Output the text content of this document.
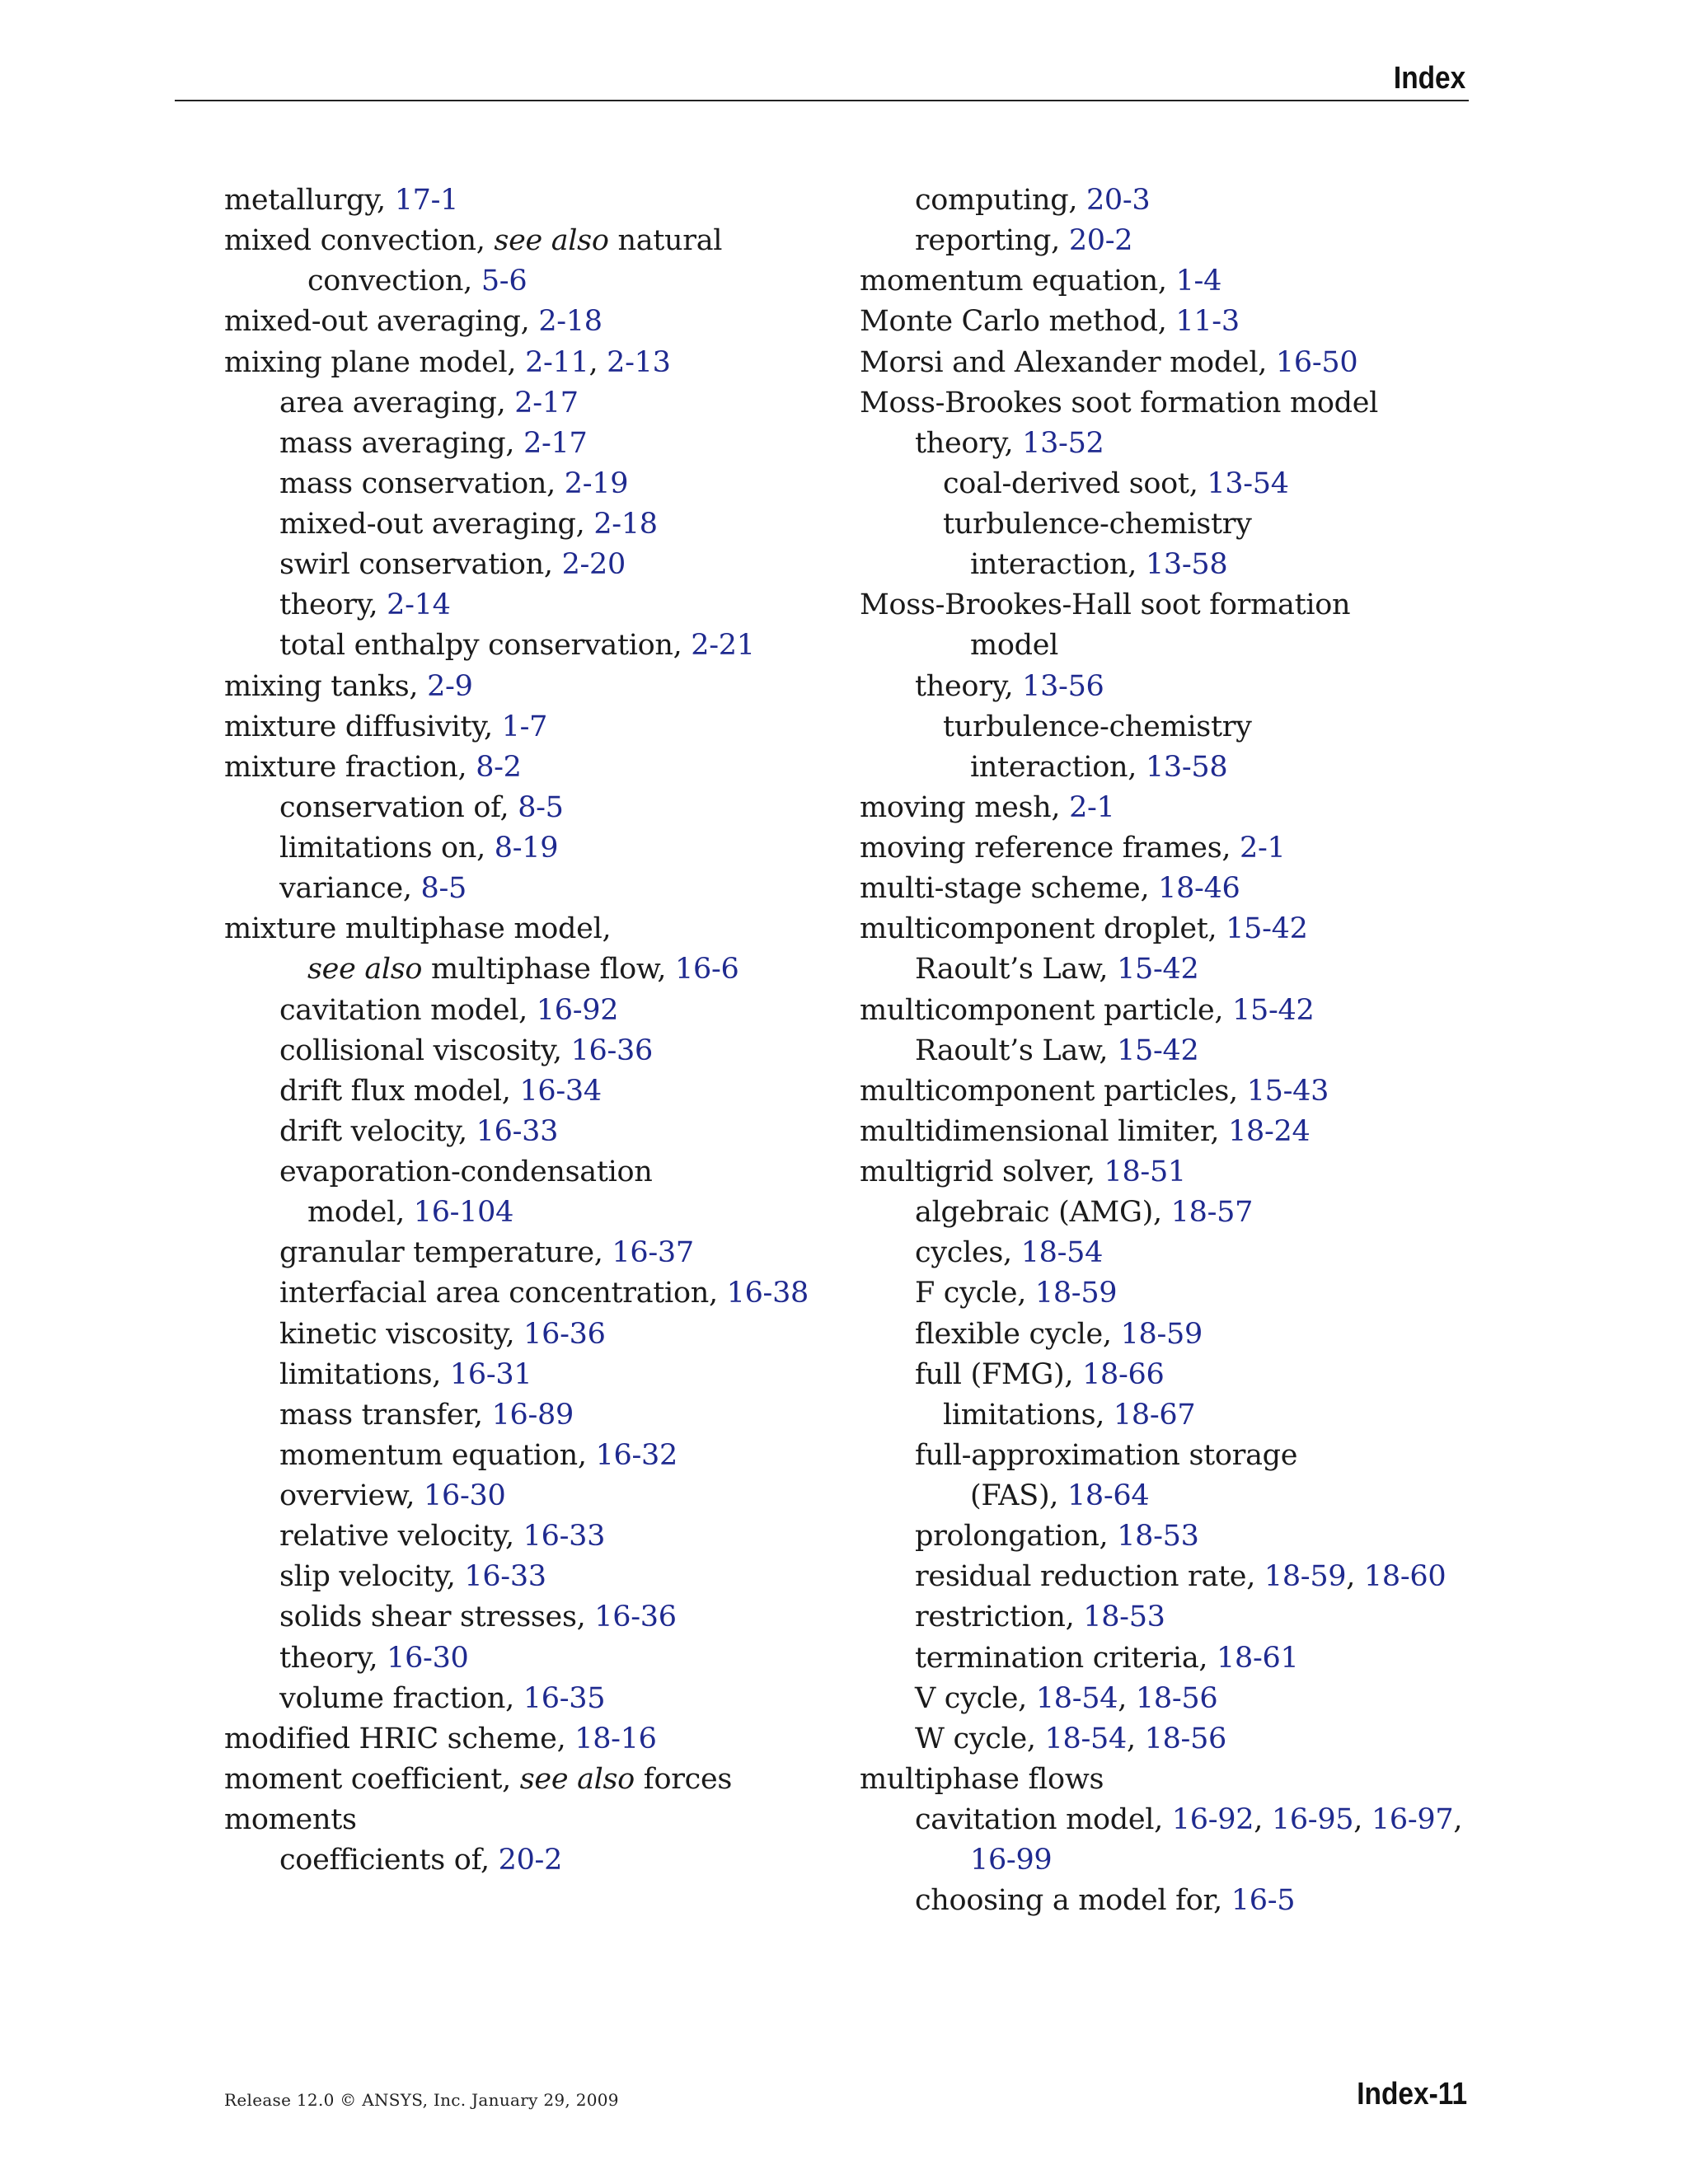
Index
metallurgy, 17-1
mixed convection, see also natural
convection, 5-6
mixed-out averaging, 2-18
mixing plane model, 2-11, 2-13
area averaging, 2-17
mass averaging, 2-17
mass conservation, 2-19
mixed-out averaging, 2-18
swirl conservation, 2-20
theory, 2-14
total enthalpy conservation, 2-21
mixing tanks, 2-9
mixture diffusivity, 1-7
mixture fraction, 8-2
conservation of, 8-5
limitations on, 8-19
variance, 8-5
mixture multiphase model,
see also multiphase flow, 16-6
cavitation model, 16-92
collisional viscosity, 16-36
drift flux model, 16-34
drift velocity, 16-33
evaporation-condensation
model, 16-104
granular temperature, 16-37
interfacial area concentration, 16-38
kinetic viscosity, 16-36
limitations, 16-31
mass transfer, 16-89
momentum equation, 16-32
overview, 16-30
relative velocity, 16-33
slip velocity, 16-33
solids shear stresses, 16-36
theory, 16-30
volume fraction, 16-35
modified HRIC scheme, 18-16
moment coefficient, see also forces
moments
coefficients of, 20-2
computing, 20-3
reporting, 20-2
momentum equation, 1-4
Monte Carlo method, 11-3
Morsi and Alexander model, 16-50
Moss-Brookes soot formation model
theory, 13-52
coal-derived soot, 13-54
turbulence-chemistry
interaction, 13-58
Moss-Brookes-Hall soot formation
model
theory, 13-56
turbulence-chemistry
interaction, 13-58
moving mesh, 2-1
moving reference frames, 2-1
multi-stage scheme, 18-46
multicomponent droplet, 15-42
Raoult’s Law, 15-42
multicomponent particle, 15-42
Raoult’s Law, 15-42
multicomponent particles, 15-43
multidimensional limiter, 18-24
multigrid solver, 18-51
algebraic (AMG), 18-57
cycles, 18-54
F cycle, 18-59
flexible cycle, 18-59
full (FMG), 18-66
limitations, 18-67
full-approximation storage
(FAS), 18-64
prolongation, 18-53
residual reduction rate, 18-59, 18-60
restriction, 18-53
termination criteria, 18-61
V cycle, 18-54, 18-56
W cycle, 18-54, 18-56
multiphase flows
cavitation model, 16-92, 16-95, 16-97,
16-99
choosing a model for, 16-5
Release 12.0 © ANSYS, Inc. January 29, 2009	Index-11
